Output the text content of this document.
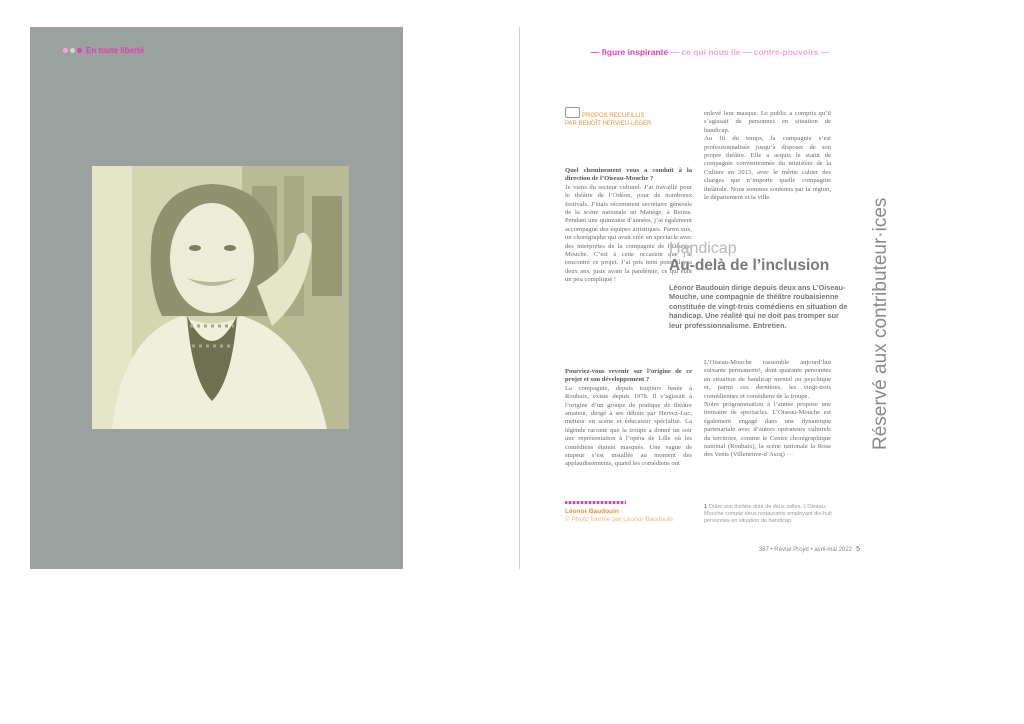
En toute liberté	— figure inspirante — ce qui nous lie — contre-pouvoirs —
Réservé aux contributeur·ices
PROPOS RECUEILLIS
PAR BENOÎT HERVIEU-LÉGER
Quel cheminement vous a conduit à la direction de l’Oiseau-Mouche ?
Je viens du secteur culturel. J’ai travaillé pour le théâtre de l’Odéon, pour de nombreux festivals. J’étais récemment secrétaire générale de la scène nationale au Manège, à Reims. Pendant une quinzaine d’années, j’ai également accompagné des équipes artistiques. Parmi eux, un chorégraphe qui avait créé un spectacle avec des interprètes de la compagnie de l’Oiseau-Mouche. C’est à cette occasion que j’ai rencontré ce projet. J’ai pris mon poste il y a deux ans, juste avant la pandémie, ce qui était un peu compliqué !
Pourriez-vous revenir sur l’origine de ce projet et son développement ?
La compagnie, depuis toujours basée à Roubaix, existe depuis 1978. Il s’agissait à l’origine d’un groupe de pratique de théâtre amateur, dirigé à ses débuts par Hervez-Luc, metteur en scène et éducateur spécialisé. La légende raconte que la troupe a donné un soir une représentation à l’opéra de Lille où les comédiens étaient masqués. Une vague de stupeur s’est installée au moment des applaudissements, quand les comédiens ont
enlevé leur masque. Le public a compris qu’il s’agissait de personnes en situation de handicap.
Au fil du temps, la compagnie s’est professionnalisée jusqu’à disposer de son propre théâtre. Elle a acquis le statut de compagnie conventionnée du ministère de la Culture en 2013, avec le même cahier des charges que n’importe quelle compagnie théâtrale. Nous sommes soutenus par la région, le département et la ville.
Handicap
Au-delà de l’inclusion
Léonor Baudouin dirige depuis deux ans L’Oiseau-Mouche, une compagnie de théâtre roubaisienne constituée de vingt-trois comédiens en situation de handicap. Une réalité qui ne doit pas tromper sur leur professionnalisme. Entretien.
L’Oiseau-Mouche rassemble aujourd’hui soixante permanents¹, dont quarante personnes en situation de handicap mental ou psychique et, parmi ces dernières, les vingt-trois comédiennes et comédiens de la troupe.
Notre programmation à l’année propose une trentaine de spectacles. L’Oiseau-Mouche est également engagé dans une dynamique partenariale avec d’autres opérateurs culturels du territoire, comme le Centre chorégraphique national (Roubaix), la scène nationale la Rose des Vents (Villeneuve-d’Ascq) ···
Léonor Baudouin
© Photo fournie par Léonor Baudouin
1 Outre son théâtre doté de deux salles, L’Oiseau-Mouche compte deux restaurants employant dix-huit personnes en situation de handicap.
387 • Revue Projet • avril-mai 2022 5
